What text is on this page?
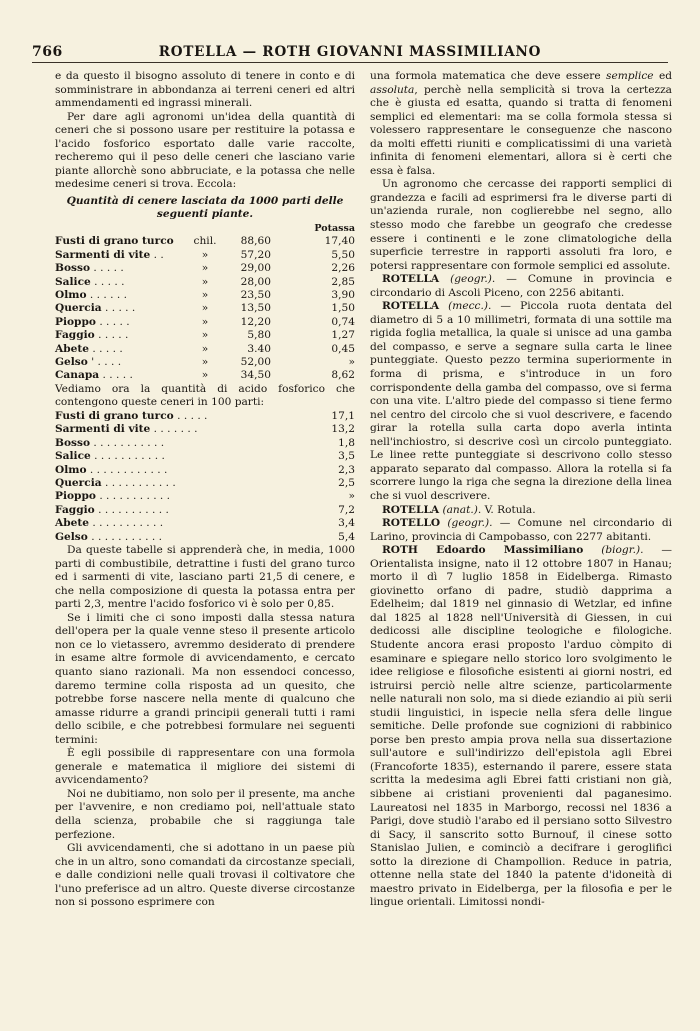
766	ROTELLA — ROTH GIOVANNI MASSIMILIANO

e da questo il bisogno assoluto di tenere in conto e di somministrare in abbondanza ai terreni ceneri ed altri ammendamenti ed ingrassi minerali.

Per dare agli agronomi un'idea della quantità di ceneri che si possono usare per restituire la potassa e l'acido fosforico esportato dalle varie raccolte, recheremo qui il peso delle ceneri che lasciano varie piante allorchè sono abbruciate, e la potassa che nelle medesime ceneri si trova. Eccola:

Quantità di cenere lasciata da 1000 parti delle seguenti piante.

			Potassa
Fusti di grano turco	chil.	88,60	17,40
Sarmenti di vite . .	»	57,20	5,50
Bosso . . . . .	»	29,00	2,26
Salice . . . . .	»	28,00	2,85
Olmo . . . . . .	»	23,50	3,90
Quercia . . . . .	»	13,50	1,50
Pioppo . . . . .	»	12,20	0,74
Faggio . . . . .	»	5,80	1,27
Abete . . . . .	»	3.40	0,45
Gelso ' . . . .	»	52,00	»
Canapa . . . . .	»	34,50	8,62

Vediamo ora la quantità di acido fosforico che contengono queste ceneri in 100 parti:

Fusti di grano turco . . . . .	17,1
Sarmenti di vite . . . . . . .	13,2
Bosso . . . . . . . . . . .	1,8
Salice . . . . . . . . . . .	3,5
Olmo . . . . . . . . . . . .	2,3
Quercia . . . . . . . . . . .	2,5
Pioppo . . . . . . . . . . .	»
Faggio . . . . . . . . . . .	7,2
Abete . . . . . . . . . . .	3,4
Gelso . . . . . . . . . . .	5,4

Da queste tabelle si apprenderà che, in media, 1000 parti di combustibile, detrattine i fusti del grano turco ed i sarmenti di vite, lasciano parti 21,5 di cenere, e che nella composizione di questa la potassa entra per parti 2,3, mentre l'acido fosforico vi è solo per 0,85.

Se i limiti che ci sono imposti dalla stessa natura dell'opera per la quale venne steso il presente articolo non ce lo vietassero, avremmo desiderato di prendere in esame altre formole di avvicendamento, e cercato quanto siano razionali. Ma non essendoci concesso, daremo termine colla risposta ad un quesito, che potrebbe forse nascere nella mente di qualcuno che amasse ridurre a grandi principii generali tutti i rami dello scibile, e che potrebbesi formulare nei seguenti termini:

È egli possibile di rappresentare con una formola generale e matematica il migliore dei sistemi di avvicendamento?

Noi ne dubitiamo, non solo per il presente, ma anche per l'avvenire, e non crediamo poi, nell'attuale stato della scienza, probabile che si raggiunga tale perfezione.

Gli avvicendamenti, che si adottano in un paese più che in un altro, sono comandati da circostanze speciali, e dalle condizioni nelle quali trovasi il coltivatore che l'uno preferisce ad un altro. Queste diverse circostanze non si possono esprimere con

una formola matematica che deve essere semplice ed assoluta, perchè nella semplicità si trova la certezza che è giusta ed esatta, quando si tratta di fenomeni semplici ed elementari: ma se colla formola stessa si volessero rappresentare le conseguenze che nascono da molti effetti riuniti e complicatissimi di una varietà infinita di fenomeni elementari, allora si è certi che essa è falsa.

Un agronomo che cercasse dei rapporti semplici di grandezza e facili ad esprimersi fra le diverse parti di un'azienda rurale, non coglierebbe nel segno, allo stesso modo che farebbe un geografo che credesse essere i continenti e le zone climatologiche della superficie terrestre in rapporti assoluti fra loro, e potersi rappresentare con formole semplici ed assolute.

ROTELLA (geogr.). — Comune in provincia e circondario di Ascoli Piceno, con 2256 abitanti.

ROTELLA (mecc.). — Piccola ruota dentata del diametro di 5 a 10 millimetri, formata di una sottile ma rigida foglia metallica, la quale si unisce ad una gamba del compasso, e serve a segnare sulla carta le linee punteggiate. Questo pezzo termina superiormente in forma di prisma, e s'introduce in un foro corrispondente della gamba del compasso, ove si ferma con una vite. L'altro piede del compasso si tiene fermo nel centro del circolo che si vuol descrivere, e facendo girar la rotella sulla carta dopo averla intinta nell'inchiostro, si descrive così un circolo punteggiato. Le linee rette punteggiate si descrivono collo stesso apparato separato dal compasso. Allora la rotella si fa scorrere lungo la riga che segna la direzione della linea che si vuol descrivere.

ROTELLA (anat.). V. Rotula.

ROTELLO (geogr.). — Comune nel circondario di Larino, provincia di Campobasso, con 2277 abitanti.

ROTH Edoardo Massimiliano (biogr.). — Orientalista insigne, nato il 12 ottobre 1807 in Hanau; morto il dì 7 luglio 1858 in Eidelberga. Rimasto giovinetto orfano di padre, studiò dapprima a Edelheim; dal 1819 nel ginnasio di Wetzlar, ed infine dal 1825 al 1828 nell'Università di Giessen, in cui dedicossi alle discipline teologiche e filologiche. Studente ancora erasi proposto l'arduo còmpito di esaminare e spiegare nello storico loro svolgimento le idee religiose e filosofiche esistenti ai giorni nostri, ed istruirsi perciò nelle altre scienze, particolarmente nelle naturali non solo, ma si diede eziandio ai più serii studii linguistici, in ispecie nella sfera delle lingue semitiche. Delle profonde sue cognizioni di rabbinico porse ben presto ampia prova nella sua dissertazione sull'autore e sull'indirizzo dell'epistola agli Ebrei (Francoforte 1835), esternando il parere, essere stata scritta la medesima agli Ebrei fatti cristiani non già, sibbene ai cristiani provenienti dal paganesimo. Laureatosi nel 1835 in Marborgo, recossi nel 1836 a Parigi, dove studiò l'arabo ed il persiano sotto Silvestro di Sacy, il sanscrito sotto Burnouf, il cinese sotto Stanislao Julien, e cominciò a decifrare i geroglifici sotto la direzione di Champollion. Reduce in patria, ottenne nella state del 1840 la patente d'idoneità di maestro privato in Eidelberga, per la filosofia e per le lingue orientali. Limitossi nondi-
